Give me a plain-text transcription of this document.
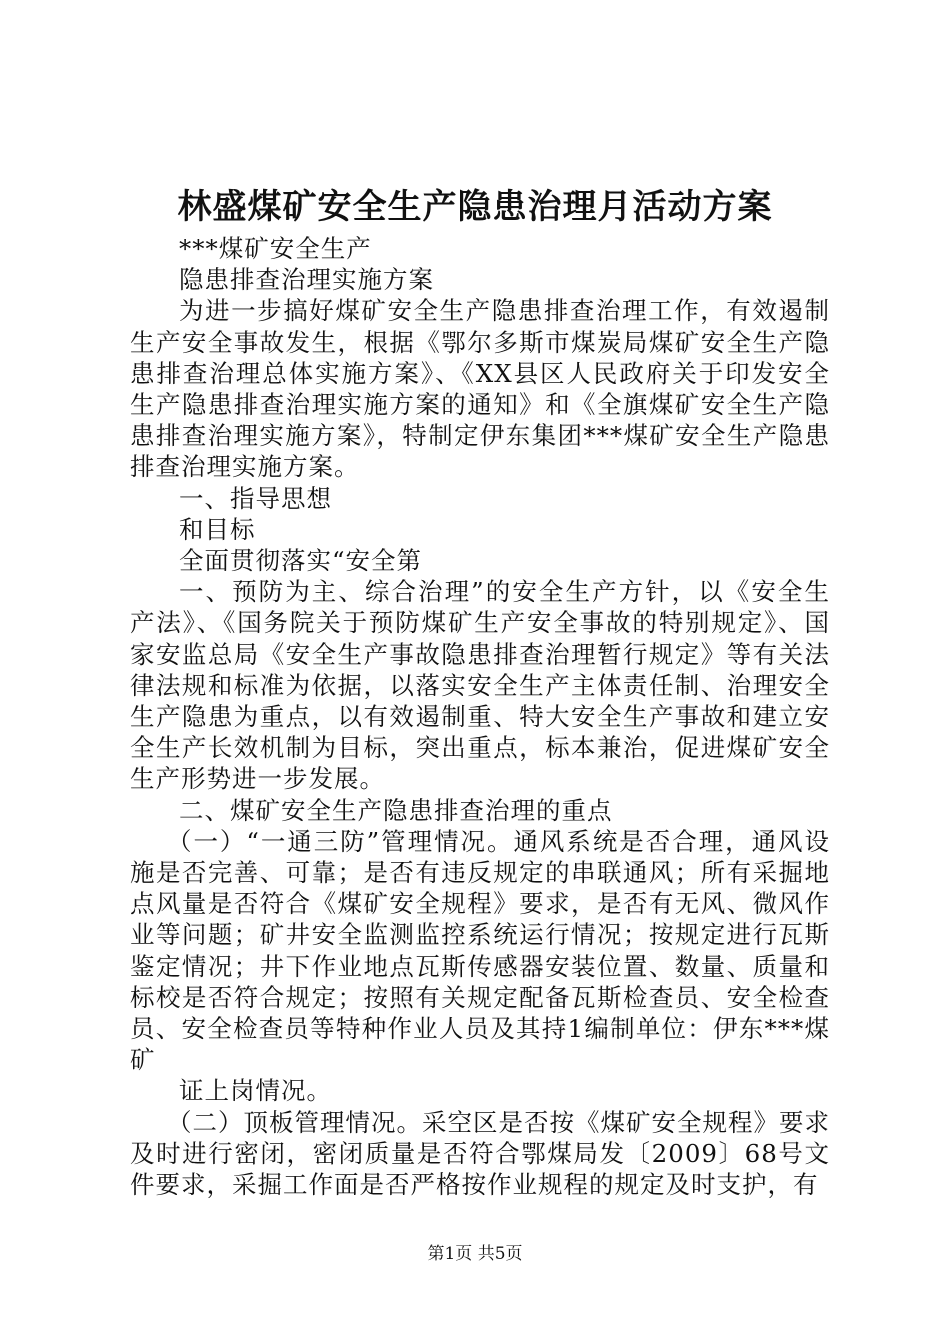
林盛煤矿安全生产隐患治理月活动方案

***煤矿安全生产

隐患排查治理实施方案

为进一步搞好煤矿安全生产隐患排查治理工作，有效遏制生产安全事故发生，根据《鄂尔多斯市煤炭局煤矿安全生产隐患排查治理总体实施方案》、《XX县区人民政府关于印发安全生产隐患排查治理实施方案的通知》和《全旗煤矿安全生产隐患排查治理实施方案》，特制定伊东集团***煤矿安全生产隐患排查治理实施方案。

一、指导思想

和目标

全面贯彻落实“安全第

一、预防为主、综合治理”的安全生产方针，以《安全生产法》、《国务院关于预防煤矿生产安全事故的特别规定》、国家安监总局《安全生产事故隐患排查治理暂行规定》等有关法律法规和标准为依据，以落实安全生产主体责任制、治理安全生产隐患为重点，以有效遏制重、特大安全生产事故和建立安全生产长效机制为目标，突出重点，标本兼治，促进煤矿安全生产形势进一步发展。

二、煤矿安全生产隐患排查治理的重点

（一）“一通三防”管理情况。通风系统是否合理，通风设施是否完善、可靠；是否有违反规定的串联通风；所有采掘地点风量是否符合《煤矿安全规程》要求，是否有无风、微风作业等问题；矿井安全监测监控系统运行情况；按规定进行瓦斯鉴定情况；井下作业地点瓦斯传感器安装位置、数量、质量和标校是否符合规定；按照有关规定配备瓦斯检查员、安全检查员、安全检查员等特种作业人员及其持1编制单位：伊东***煤矿

证上岗情况。

（二）顶板管理情况。采空区是否按《煤矿安全规程》要求及时进行密闭，密闭质量是否符合鄂煤局发〔2009〕68号文件要求，采掘工作面是否严格按作业规程的规定及时支护，有

第1页 共5页
